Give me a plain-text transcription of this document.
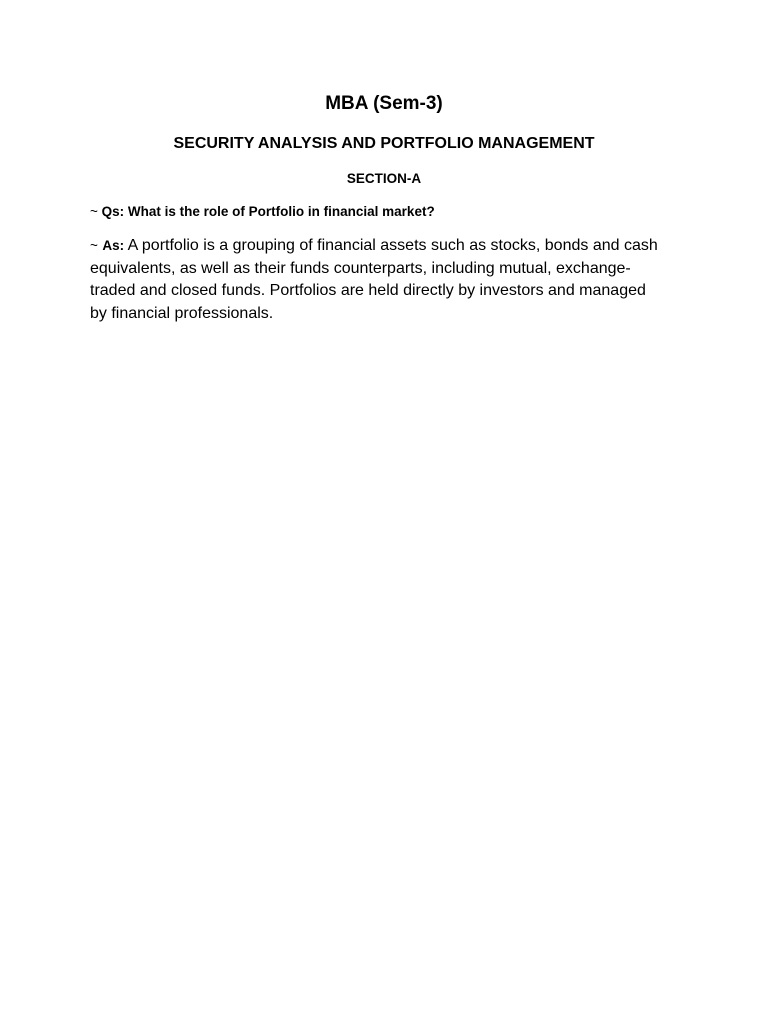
MBA (Sem-3)
SECURITY ANALYSIS AND PORTFOLIO MANAGEMENT
SECTION-A
~ Qs: What is the role of Portfolio in financial market?
~ As: A portfolio is a grouping of financial assets such as stocks, bonds and cash
equivalents, as well as their funds counterparts, including mutual, exchange-
traded and closed funds. Portfolios are held directly by investors and managed
by financial professionals.
